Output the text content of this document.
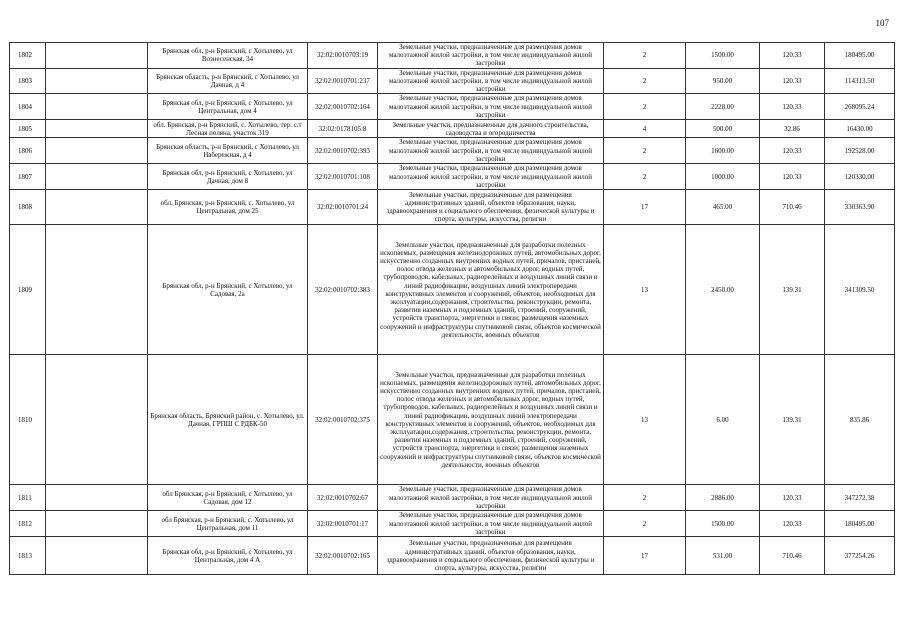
107
1802		Брянская обл, р-н Брянский, с Хотылево, ул Вознесенская, 34	32:02:0010703:19	Земельные участки, предназначенные для размещения домов малоэтажной жилой застройки, в том числе индивидуальной жилой застройки	2	1500.00	120.33	180495.00
1803		Брянская область, р-н Брянский, с Хотылево, ул Дачная, д 4	32:02:0010701:237	Земельные участки, предназначенные для размещения домов малоэтажной жилой застройки, в том числе индивидуальной жилой застройки	2	950.00	120.33	114313.50
1804		Брянская обл, р-н Брянский, с Хотылево, ул Центральная, дом 4	32:02:0010702:164	Земельные участки, предназначенные для размещения домов малоэтажной жилой застройки, в том числе индивидуальной жилой застройки	2	2228.00	120.33	268095.24
1805		обл. Брянская, р-н Брянский, с. Хотылево, тер. с.т Лесная поляна, участок 319	32:02:0178105:8	Земельные участки, предназначенные для дачного строительства, садоводства и огородничества	4	500.00	32.86	16430.00
1806		Брянская область, р-н Брянский, с Хотылево, ул Набережная, д 4	32:02:0010702:393	Земельные участки, предназначенные для размещения домов малоэтажной жилой застройки, в том числе индивидуальной жилой застройки	2	1600.00	120.33	192528.00
1807		Брянская обл, р-н Брянский, с Хотылево, ул Дачная, дом 8	32:02:0010701:108	Земельные участки, предназначенные для размещения домов малоэтажной жилой застройки, в том числе индивидуальной жилой застройки	2	1000.00	120.33	120330.00
1808		обл. Брянская, р-н Брянский, с. Хотылево, ул Центральная, дом 25	32:02:0010701:24	Земельные участки, предназначенные для размещения административных зданий, объектов образования, науки, здравоохранения и социального обеспечения, физической культуры и спорта, культуры, искусства, религии	17	465.00	710.46	330363.90
1809		Брянская обл, р-н Брянский, с Хотылево, ул Садовая, 2а	32:02:0010702:383	Земельные участки, предназначенные для разработки полезных ископаемых, размещения железнодорожных путей, автомобильных дорог, искусственно созданных внутренних водных путей, причалов, пристаней, полос отвода железных и автомобильных дорог, водных путей, трубопроводов, кабельных, радиорелейных и воздушных линий связи и линий радиофикации, воздушных линий электропередачи конструктивных элементов и сооружений, объектов, необходимых для эксплуатации,содержания, строительства, реконструкции, ремонта, развития наземных и подземных зданий, строений, сооружений, устройств транспорта, энергетики и связи; размещения наземных сооружений и инфраструктуры спутниковой связи, объектов космической деятельности, военных объектов	13	2450.00	139.31	341309.50
1810		Брянская область, Брянский район, с. Хотылево, ул. Дачная, ГРПШ С РДБК-50	32:02:0010702:375	Земельные участки, предназначенные для разработки полезных ископаемых, размещения железнодорожных путей, автомобильных дорог, искусственно созданных внутренних водных путей, причалов, пристаней, полос отвода железных и автомобильных дорог, водных путей, трубопроводов, кабельных, радиорелейных и воздушных линий связи и линий радиофикации, воздушных линий электропередачи конструктивных элементов и сооружений, объектов, необходимых для эксплуатации,содержания, строительства, реконструкции, ремонта, развития наземных и подземных зданий, строений, сооружений, устройств транспорта, энергетики и связи; размещения наземных сооружений и инфраструктуры спутниковой связи, объектов космической деятельности, военных объектов	13	6.00	139.31	835.86
1811		обл Брянская, р-н Брянский, с Хотылево, ул Садовая, дом 12	32:02:0010702:67	Земельные участки, предназначенные для размещения домов малоэтажной жилой застройки, в том числе индивидуальной жилой застройки	2	2886.00	120.33	347272.38
1812		обл Брянская, р-н Брянский, с. Хотылево, ул Центральная, дом 11	32:02:0010701:17	Земельные участки, предназначенные для размещения домов малоэтажной жилой застройки, в том числе индивидуальной жилой застройки	2	1500.00	120.33	180495.00
1813		Брянская обл, р-н Брянский, с Хотылево, ул Центральная, дом 4 А	32:02:0010702:165	Земельные участки, предназначенные для размещения административных зданий, объектов образования, науки, здравоохранения и социального обеспечения, физической культуры и спорта, культуры, искусства, религии	17	531.00	710.46	377254.26
